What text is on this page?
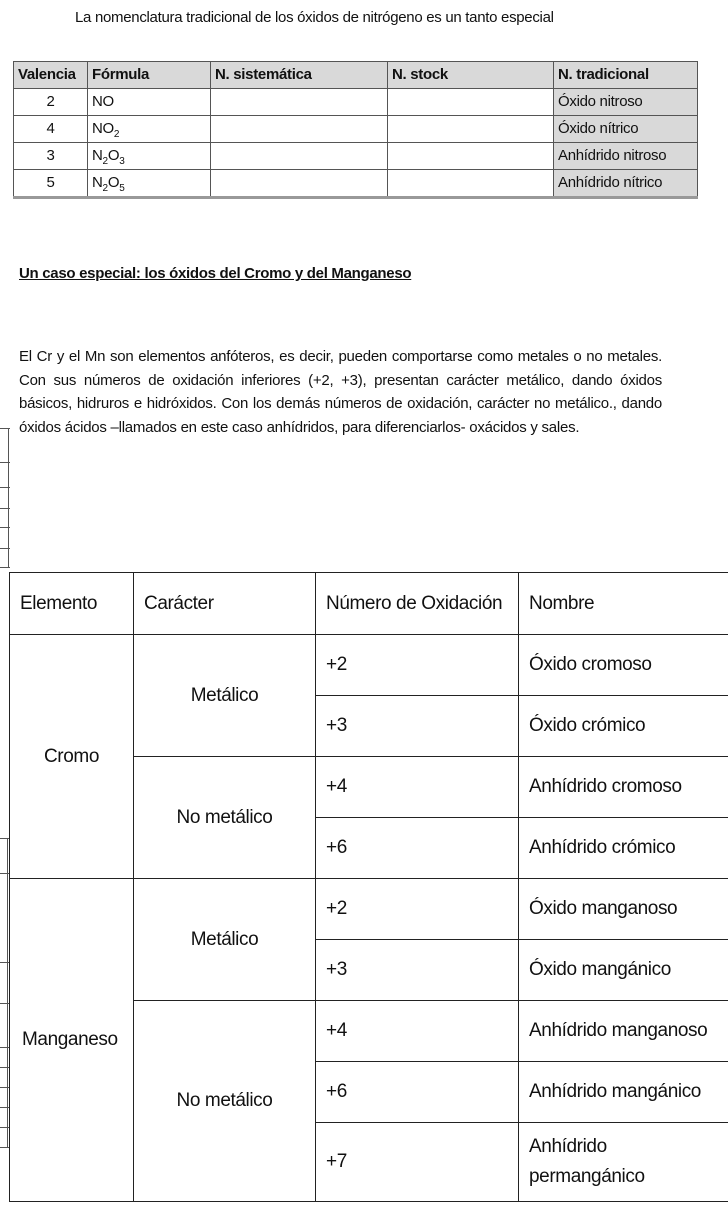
La nomenclatura tradicional de los óxidos de nitrógeno es un tanto especial

Valencia	Fórmula	N. sistemática	N. stock	N. tradicional
2	NO			Óxido nitroso
4	$NO_2$			Óxido nítrico
3	$N_2O_3$			Anhídrido nitroso
5	$N_2O_5$			Anhídrido nítrico
Un caso especial: los óxidos del Cromo y del Manganeso

El Cr y el Mn son elementos anfóteros, es decir, pueden comportarse como metales o no metales. Con sus números de oxidación inferiores (+2, +3), presentan carácter metálico, dando óxidos básicos, hidruros e hidróxidos. Con los demás números de oxidación, carácter no metálico., dando óxidos ácidos –llamados en este caso anhídridos, para diferenciarlos- oxácidos y sales.

Elemento	Carácter	Número de Oxidación	Nombre
Cromo	Metálico	+2	Óxido cromoso
		+3	Óxido crómico
	No metálico	+4	Anhídrido cromoso
		+6	Anhídrido crómico
Manganeso	Metálico	+2	Óxido manganoso
		+3	Óxido mangánico
	No metálico	+4	Anhídrido manganoso
		+6	Anhídrido mangánico
		+7	Anhídrido permangánico
